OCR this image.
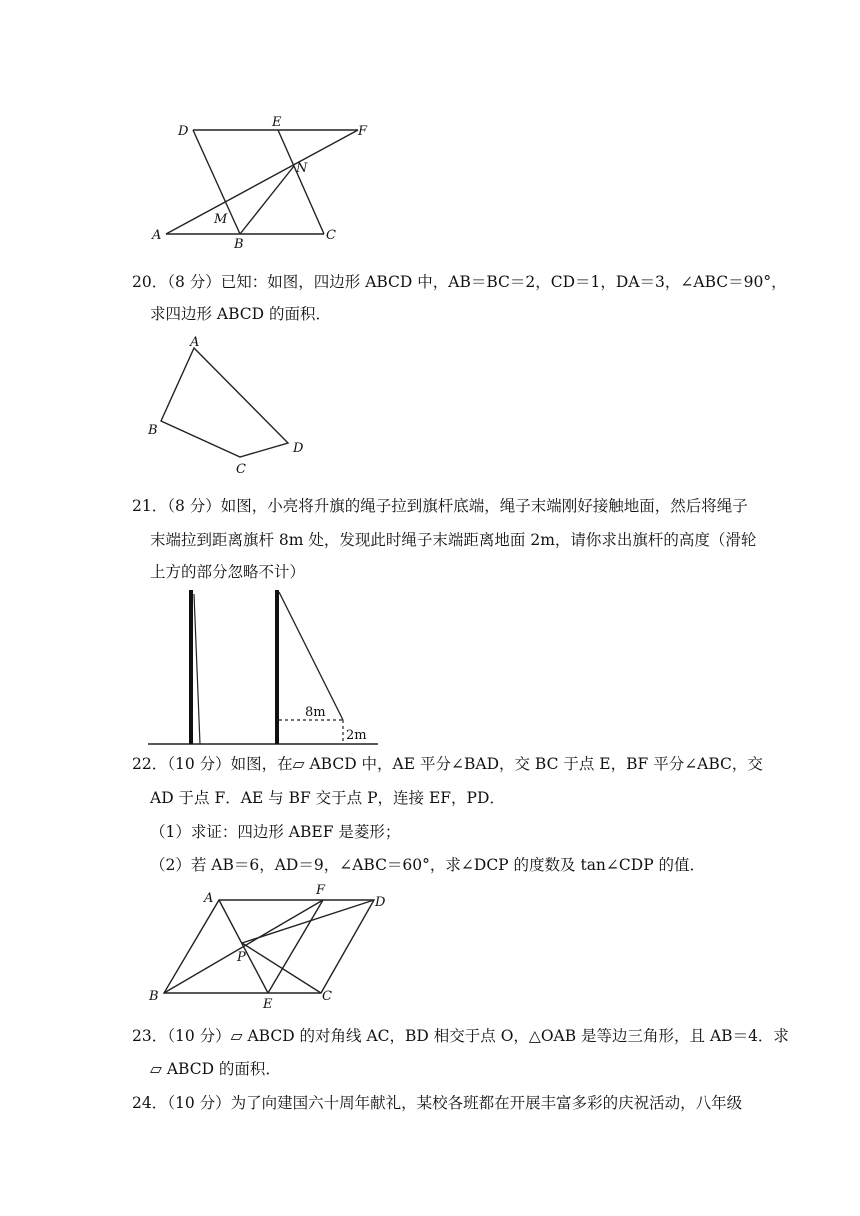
D
E
F
N
M
A
B
C
20．（8 分）已知：如图，四边形 ABCD 中，AB＝BC＝2，CD＝1，DA＝3，∠ABC＝90°，
求四边形 ABCD 的面积．
A
B
C
D
21．（8 分）如图，小亮将升旗的绳子拉到旗杆底端，绳子末端刚好接触地面，然后将绳子
末端拉到距离旗杆 8m 处，发现此时绳子末端距离地面 2m，请你求出旗杆的高度（滑轮
上方的部分忽略不计）
8m
2m
22．（10 分）如图，在▱ ABCD 中，AE 平分∠BAD，交 BC 于点 E，BF 平分∠ABC，交
AD 于点 F．AE 与 BF 交于点 P，连接 EF，PD．
（1）求证：四边形 ABEF 是菱形；
（2）若 AB＝6，AD＝9，∠ABC＝60°，求∠DCP 的度数及 tan∠CDP 的值．
A
F
D
P
B
E
C
23．（10 分）▱ ABCD 的对角线 AC，BD 相交于点 O，△OAB 是等边三角形，且 AB＝4．求
▱ ABCD 的面积．
24．（10 分）为了向建国六十周年献礼，某校各班都在开展丰富多彩的庆祝活动，八年级
